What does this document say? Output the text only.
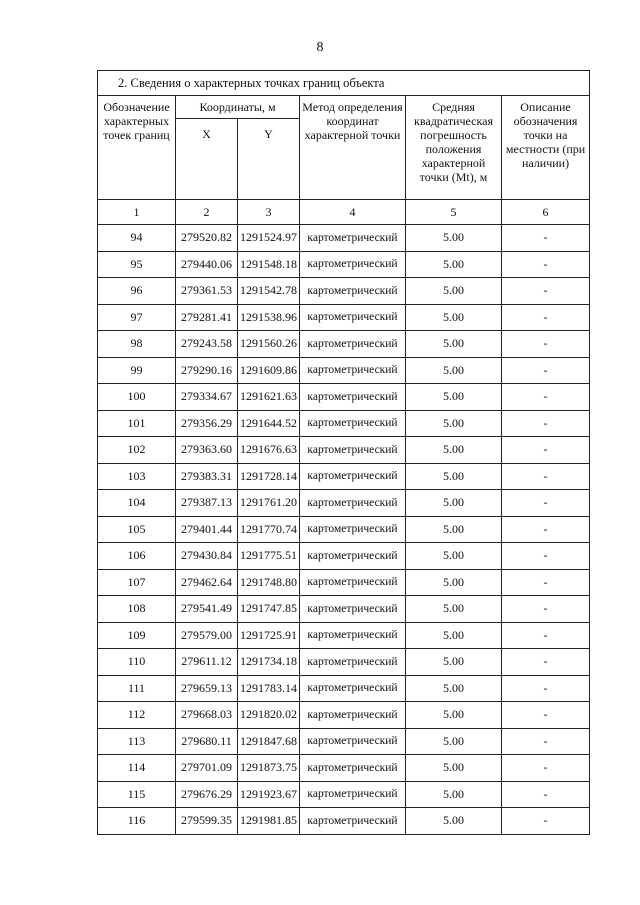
8
2. Сведения о характерных точках границ объекта					
Обозначение характерных точек границ	Координаты, м		Метод определения координат характерной точки	Средняя квадратическая погрешность положения характерной точки (Mt), м	Описание обозначения точки на местности (при наличии)
	X	Y			
1	2	3	4	5	6
94	279520.82	1291524.97	картометрический	5.00	-
95	279440.06	1291548.18	картометрический	5.00	-
96	279361.53	1291542.78	картометрический	5.00	-
97	279281.41	1291538.96	картометрический	5.00	-
98	279243.58	1291560.26	картометрический	5.00	-
99	279290.16	1291609.86	картометрический	5.00	-
100	279334.67	1291621.63	картометрический	5.00	-
101	279356.29	1291644.52	картометрический	5.00	-
102	279363.60	1291676.63	картометрический	5.00	-
103	279383.31	1291728.14	картометрический	5.00	-
104	279387.13	1291761.20	картометрический	5.00	-
105	279401.44	1291770.74	картометрический	5.00	-
106	279430.84	1291775.51	картометрический	5.00	-
107	279462.64	1291748.80	картометрический	5.00	-
108	279541.49	1291747.85	картометрический	5.00	-
109	279579.00	1291725.91	картометрический	5.00	-
110	279611.12	1291734.18	картометрический	5.00	-
111	279659.13	1291783.14	картометрический	5.00	-
112	279668.03	1291820.02	картометрический	5.00	-
113	279680.11	1291847.68	картометрический	5.00	-
114	279701.09	1291873.75	картометрический	5.00	-
115	279676.29	1291923.67	картометрический	5.00	-
116	279599.35	1291981.85	картометрический	5.00	-
